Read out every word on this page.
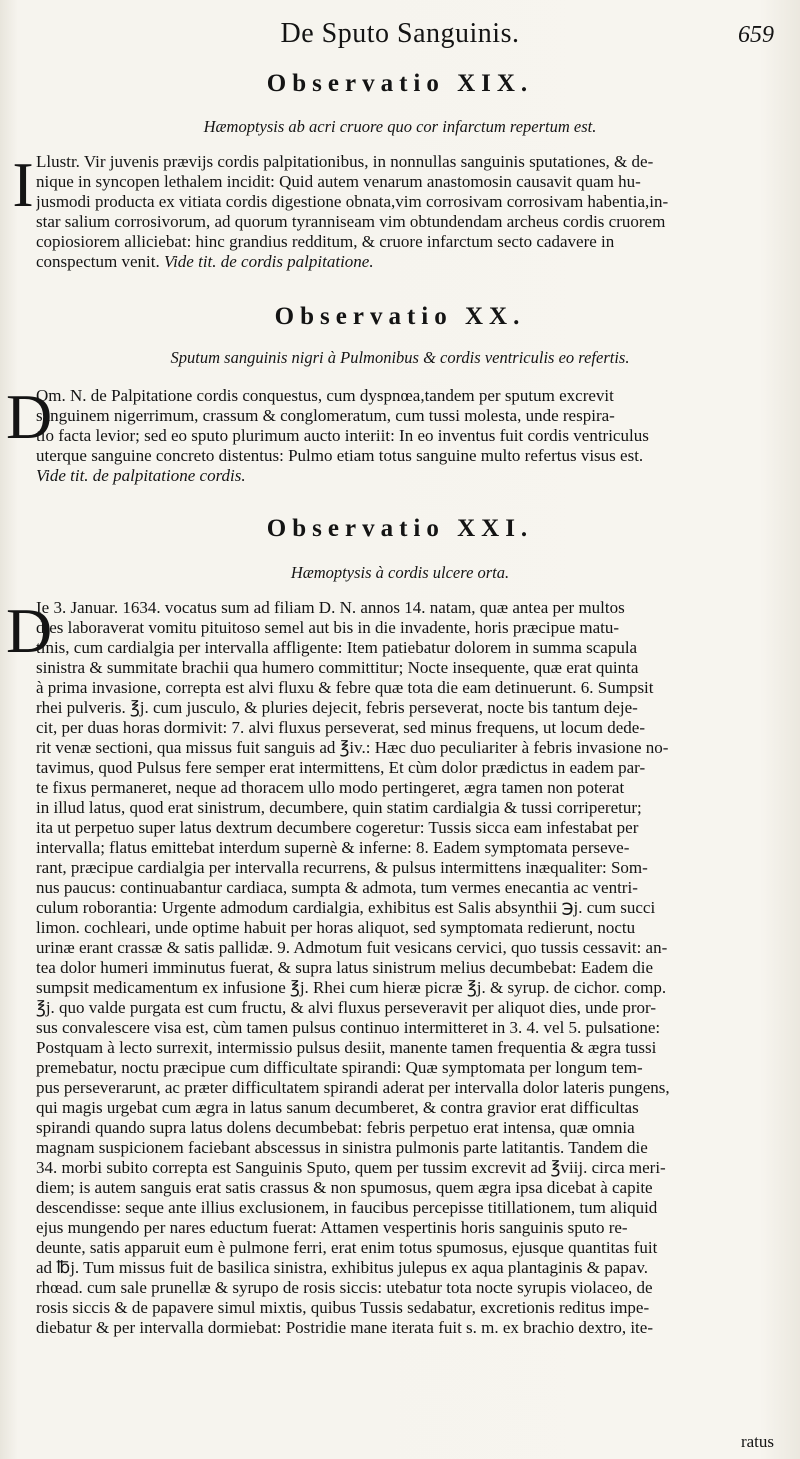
De Sputo Sanguinis.	659
Observatio XIX.
Hæmoptysis ab acri cruore quo cor infarctum repertum est.
I Llustr. Vir juvenis prævijs cordis palpitationibus, in nonnullas sanguinis sputationes, & de-
nique in syncopen lethalem incidit: Quid autem venarum anastomosin causavit quam hu-
jusmodi producta ex vitiata cordis digestione obnata,vim corrosivam corrosivam habentia,in-
star salium corrosivorum, ad quorum tyranniseam vim obtundendam archeus cordis cruorem
copiosiorem alliciebat: hinc grandius redditum, & cruore infarctum secto cadavere in
conspectum venit. Vide tit. de cordis palpitatione.
Observatio XX.
Sputum sanguinis nigri à Pulmonibus & cordis ventriculis eo refertis.
D
Om. N. de Palpitatione cordis conquestus, cum dyspnœa,tandem per sputum excrevit
sanguinem nigerrimum, crassum & conglomeratum, cum tussi molesta, unde respira-
tio facta levior; sed eo sputo plurimum aucto interiit: In eo inventus fuit cordis ventriculus
uterque sanguine concreto distentus: Pulmo etiam totus sanguine multo refertus visus est.
Vide tit. de palpitatione cordis.
Observatio XXI.
Hæmoptysis à cordis ulcere orta.
D
Ie 3. Januar. 1634. vocatus sum ad filiam D. N. annos 14. natam, quæ antea per multos
dies laboraverat vomitu pituitoso semel aut bis in die invadente, horis præcipue matu-
tinis, cum cardialgia per intervalla affligente: Item patiebatur dolorem in summa scapula
sinistra & summitate brachii qua humero committitur; Nocte insequente, quæ erat quinta
à prima invasione, correpta est alvi fluxu & febre quæ tota die eam detinuerunt. 6. Sumpsit
rhei pulveris. ℥j. cum jusculo, & pluries dejecit, febris perseverat, nocte bis tantum deje-
cit, per duas horas dormivit: 7. alvi fluxus perseverat, sed minus frequens, ut locum dede-
rit venæ sectioni, qua missus fuit sanguis ad ℥iv.: Hæc duo peculiariter à febris invasione no-
tavimus, quod Pulsus fere semper erat intermittens, Et cùm dolor prædictus in eadem par-
te fixus permaneret, neque ad thoracem ullo modo pertingeret, ægra tamen non poterat
in illud latus, quod erat sinistrum, decumbere, quin statim cardialgia & tussi corriperetur;
ita ut perpetuo super latus dextrum decumbere cogeretur: Tussis sicca eam infestabat per
intervalla; flatus emittebat interdum supernè & inferne: 8. Eadem symptomata perseve-
rant, præcipue cardialgia per intervalla recurrens, & pulsus intermittens inæqualiter: Som-
nus paucus: continuabantur cardiaca, sumpta & admota, tum vermes enecantia ac ventri-
culum roborantia: Urgente admodum cardialgia, exhibitus est Salis absynthii ℈j. cum succi
limon. cochleari, unde optime habuit per horas aliquot, sed symptomata redierunt, noctu
urinæ erant crassæ & satis pallidæ. 9. Admotum fuit vesicans cervici, quo tussis cessavit: an-
tea dolor humeri imminutus fuerat, & supra latus sinistrum melius decumbebat: Eadem die
sumpsit medicamentum ex infusione ℥j. Rhei cum hieræ picræ ℥j. & syrup. de cichor. comp.
℥j. quo valde purgata est cum fructu, & alvi fluxus perseveravit per aliquot dies, unde pror-
sus convalescere visa est, cùm tamen pulsus continuo intermitteret in 3. 4. vel 5. pulsatione:
Postquam à lecto surrexit, intermissio pulsus desiit, manente tamen frequentia & ægra tussi
premebatur, noctu præcipue cum difficultate spirandi: Quæ symptomata per longum tem-
pus perseverarunt, ac præter difficultatem spirandi aderat per intervalla dolor lateris pungens,
qui magis urgebat cum ægra in latus sanum decumberet, & contra gravior erat difficultas
spirandi quando supra latus dolens decumbebat: febris perpetuo erat intensa, quæ omnia
magnam suspicionem faciebant abscessus in sinistra pulmonis parte latitantis. Tandem die
34. morbi subito correpta est Sanguinis Sputo, quem per tussim excrevit ad ℥viij. circa meri-
diem; is autem sanguis erat satis crassus & non spumosus, quem ægra ipsa dicebat à capite
descendisse: seque ante illius exclusionem, in faucibus percepisse titillationem, tum aliquid
ejus mungendo per nares eductum fuerat: Attamen vespertinis horis sanguinis sputo re-
deunte, satis apparuit eum è pulmone ferri, erat enim totus spumosus, ejusque quantitas fuit
ad ℔j. Tum missus fuit de basilica sinistra, exhibitus julepus ex aqua plantaginis & papav.
rhœad. cum sale prunellæ & syrupo de rosis siccis: utebatur tota nocte syrupis violaceo, de
rosis siccis & de papavere simul mixtis, quibus Tussis sedabatur, excretionis reditus impe-
diebatur & per intervalla dormiebat: Postridie mane iterata fuit s. m. ex brachio dextro, ite-
ratus
